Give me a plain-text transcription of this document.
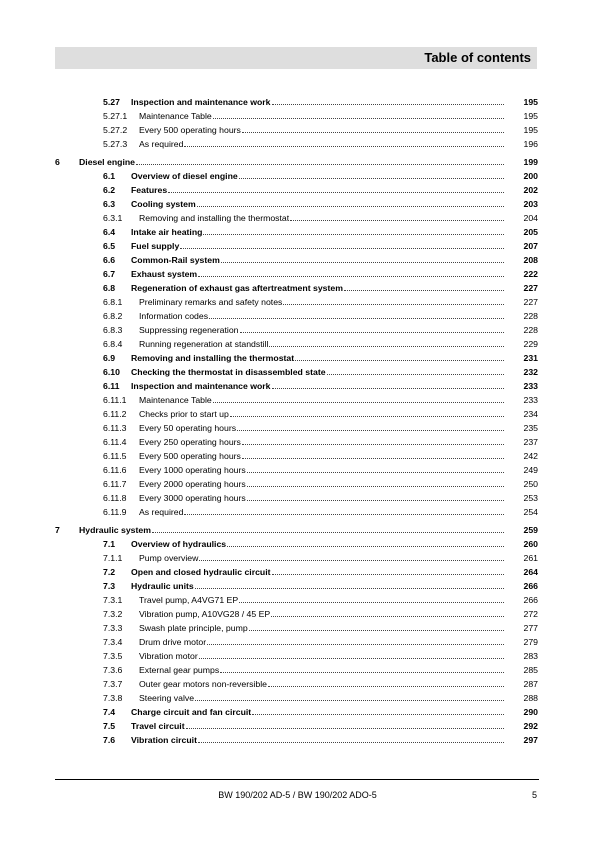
Table of contents
5.27	Inspection and maintenance work	195
5.27.1	Maintenance Table	195
5.27.2	Every 500 operating hours	195
5.27.3	As required	196
6	Diesel engine	199
6.1	Overview of diesel engine	200
6.2	Features	202
6.3	Cooling system	203
6.3.1	Removing and installing the thermostat	204
6.4	Intake air heating	205
6.5	Fuel supply	207
6.6	Common-Rail system	208
6.7	Exhaust system	222
6.8	Regeneration of exhaust gas aftertreatment system	227
6.8.1	Preliminary remarks and safety notes	227
6.8.2	Information codes	228
6.8.3	Suppressing regeneration	228
6.8.4	Running regeneration at standstill	229
6.9	Removing and installing the thermostat	231
6.10	Checking the thermostat in disassembled state	232
6.11	Inspection and maintenance work	233
6.11.1	Maintenance Table	233
6.11.2	Checks prior to start up	234
6.11.3	Every 50 operating hours	235
6.11.4	Every 250 operating hours	237
6.11.5	Every 500 operating hours	242
6.11.6	Every 1000 operating hours	249
6.11.7	Every 2000 operating hours	250
6.11.8	Every 3000 operating hours	253
6.11.9	As required	254
7	Hydraulic system	259
7.1	Overview of hydraulics	260
7.1.1	Pump overview	261
7.2	Open and closed hydraulic circuit	264
7.3	Hydraulic units	266
7.3.1	Travel pump, A4VG71 EP	266
7.3.2	Vibration pump, A10VG28 / 45 EP	272
7.3.3	Swash plate principle, pump	277
7.3.4	Drum drive motor	279
7.3.5	Vibration motor	283
7.3.6	External gear pumps	285
7.3.7	Outer gear motors non-reversible	287
7.3.8	Steering valve	288
7.4	Charge circuit and fan circuit	290
7.5	Travel circuit	292
7.6	Vibration circuit	297
BW 190/202 AD-5 / BW 190/202 ADO-5	5
